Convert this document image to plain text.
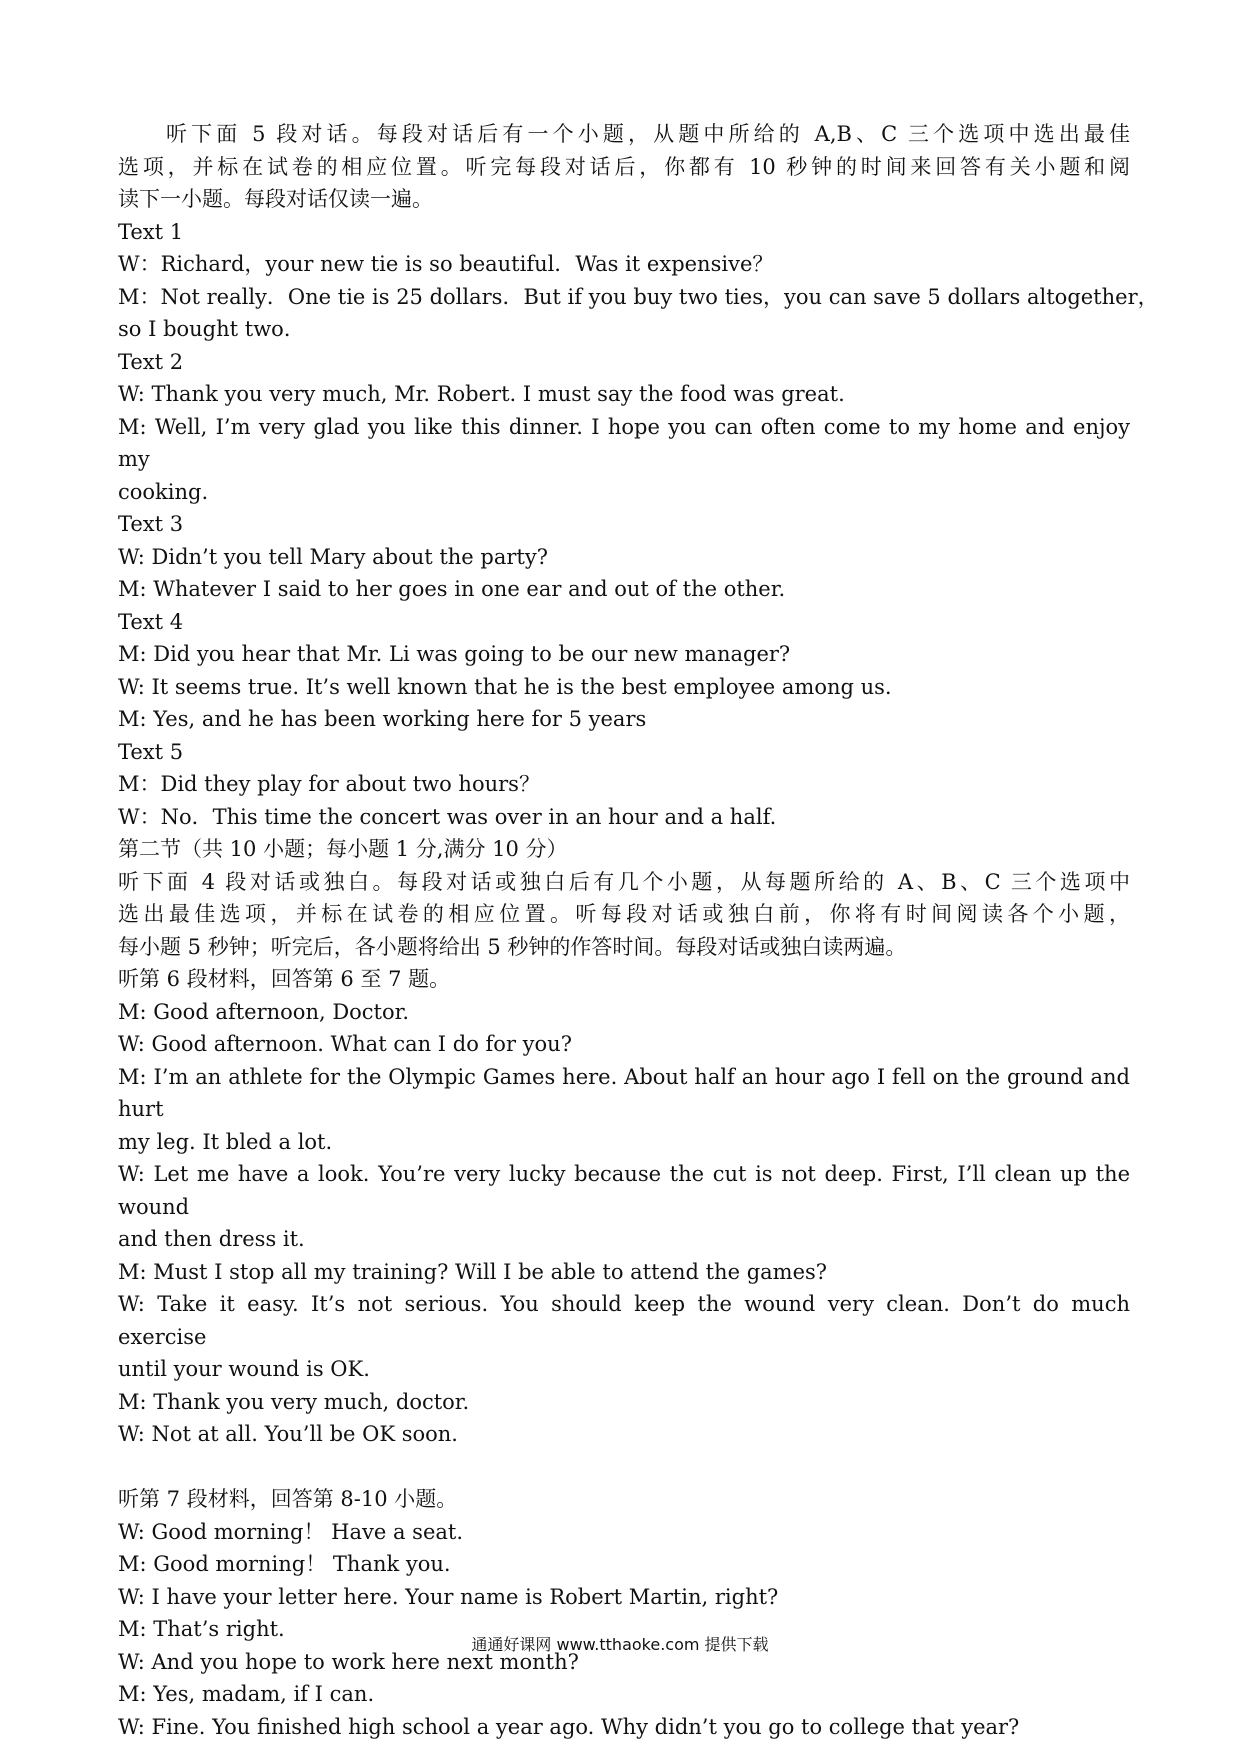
听下面 5 段对话。每段对话后有一个小题，从题中所给的 A,B、C 三个选项中选出最佳
选项，并标在试卷的相应位置。听完每段对话后，你都有 10 秒钟的时间来回答有关小题和阅
读下一小题。每段对话仅读一遍。
Text 1
W：Richard，your new tie is so beautiful．Was it expensive？
M：Not really．One tie is 25 dollars．But if you buy two ties，you can save 5 dollars altogether，
so I bought two．
Text 2
W: Thank you very much, Mr. Robert. I must say the food was great.
M: Well, I’m very glad you like this dinner. I hope you can often come to my home and enjoy my
cooking.
Text 3
W: Didn’t you tell Mary about the party?
M: Whatever I said to her goes in one ear and out of the other.
Text 4
M: Did you hear that Mr. Li was going to be our new manager?
W: It seems true. It’s well known that he is the best employee among us.
M: Yes, and he has been working here for 5 years
Text 5
M：Did they play for about two hours？
W：No．This time the concert was over in an hour and a half.
第二节（共 10 小题；每小题 1 分,满分 10 分）
听下面 4 段对话或独白。每段对话或独白后有几个小题，从每题所给的 A、B、C 三个选项中
选出最佳选项，并标在试卷的相应位置。听每段对话或独白前，你将有时间阅读各个小题，
每小题 5 秒钟；听完后，各小题将给出 5 秒钟的作答时间。每段对话或独白读两遍。
听第 6 段材料，回答第 6 至 7 题。
M: Good afternoon, Doctor.
W: Good afternoon. What can I do for you?
M: I’m an athlete for the Olympic Games here. About half an hour ago I fell on the ground and hurt
my leg. It bled a lot.
W: Let me have a look. You’re very lucky because the cut is not deep. First, I’ll clean up the wound
and then dress it.
M: Must I stop all my training? Will I be able to attend the games?
W: Take it easy. It’s not serious. You should keep the wound very clean. Don’t do much exercise
until your wound is OK.
M: Thank you very much, doctor.
W: Not at all. You’ll be OK soon.
听第 7 段材料，回答第 8-10 小题。
W: Good morning！ Have a seat.
M: Good morning！ Thank you.
W: I have your letter here. Your name is Robert Martin, right?
M: That’s right.
W: And you hope to work here next month?
M: Yes, madam, if I can.
W: Fine. You finished high school a year ago. Why didn’t you go to college that year?
通通好课网 www.tthaoke.com 提供下载
